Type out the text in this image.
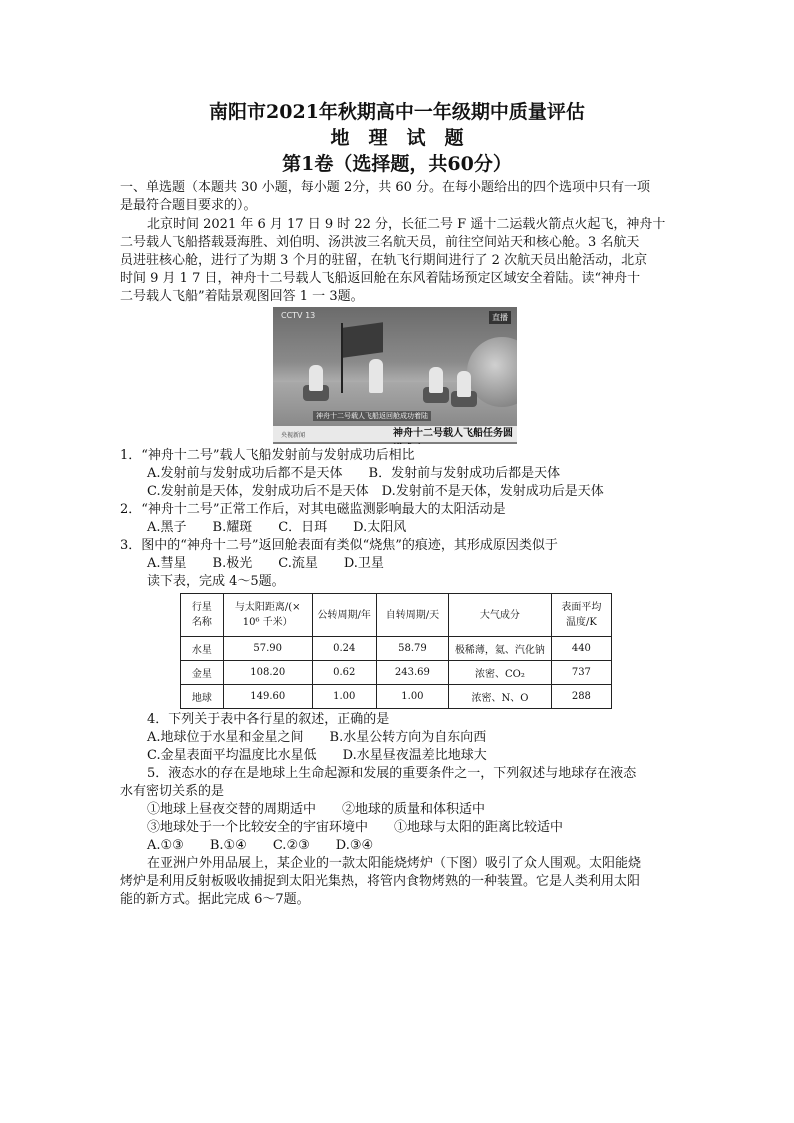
南阳市2021年秋期高中一年级期中质量评估
地　理　试　题
第1卷（选择题，共60分）
一、单选题（本题共 30 小题，每小题 2分，共 60 分。在每小题给出的四个选项中只有一项
是最符合题目要求的）。
北京时间 2021 年 6 月 17 日 9 时 22 分，长征二号 F 遥十二运载火箭点火起飞，神舟十
二号载人飞船搭载聂海胜、刘伯明、汤洪波三名航天员，前往空间站天和核心舱。3 名航天
员进驻核心舱，进行了为期 3 个月的驻留，在轨飞行期间进行了 2 次航天员出舱活动，北京
时间 9 月 1 7 日，神舟十二号载人飞船返回舱在东风着陆场预定区域安全着陆。读“神舟十
二号载人飞船”着陆景观图回答 1 一 3题。
CCTV 13	直播
神舟十二号载人飞船返回舱成功着陆
神舟十二号载人飞船任务圆
央视新闻
1．“神舟十二号”载人飞船发射前与发射成功后相比
A.发射前与发射成功后都不是天体　　B．发射前与发射成功后都是天体
C.发射前是天体，发射成功后不是天体　D.发射前不是天体，发射成功后是天体
2．“神舟十二号”正常工作后，对其电磁监测影响最大的太阳活动是
A.黑子　　B.耀斑　　C．日珥　　D.太阳风
3．图中的“神舟十二号”返回舱表面有类似“烧焦”的痕迹，其形成原因类似于
A.彗星　　B.极光　　C.流星　　D.卫星
读下表，完成 4～5题。
行星
名称	与太阳距离/(×
10⁶ 千米）	公转周期/年	自转周期/天	大气成分	表面平均
温度/K
水星	57.90	0.24	58.79	极稀薄，氦、汽化钠	440
金星	108.20	0.62	243.69	浓密、CO₂	737
地球	149.60	1.00	1.00	浓密、N、O	288
4．下列关于表中各行星的叙述，正确的是
A.地球位于水星和金星之间　　B.水星公转方向为自东向西
C.金星表面平均温度比水星低　　D.水星昼夜温差比地球大
5．液态水的存在是地球上生命起源和发展的重要条件之一，下列叙述与地球存在液态
水有密切关系的是
①地球上昼夜交替的周期适中　　②地球的质量和体积适中
③地球处于一个比较安全的宇宙环境中　　①地球与太阳的距离比较适中
A.①③　　B.①④　　C.②③　　D.③④
在亚洲户外用品展上，某企业的一款太阳能烧烤炉（下图）吸引了众人围观。太阳能烧
烤炉是利用反射板吸收捕捉到太阳光集热，将管内食物烤熟的一种装置。它是人类利用太阳
能的新方式。据此完成 6～7题。
